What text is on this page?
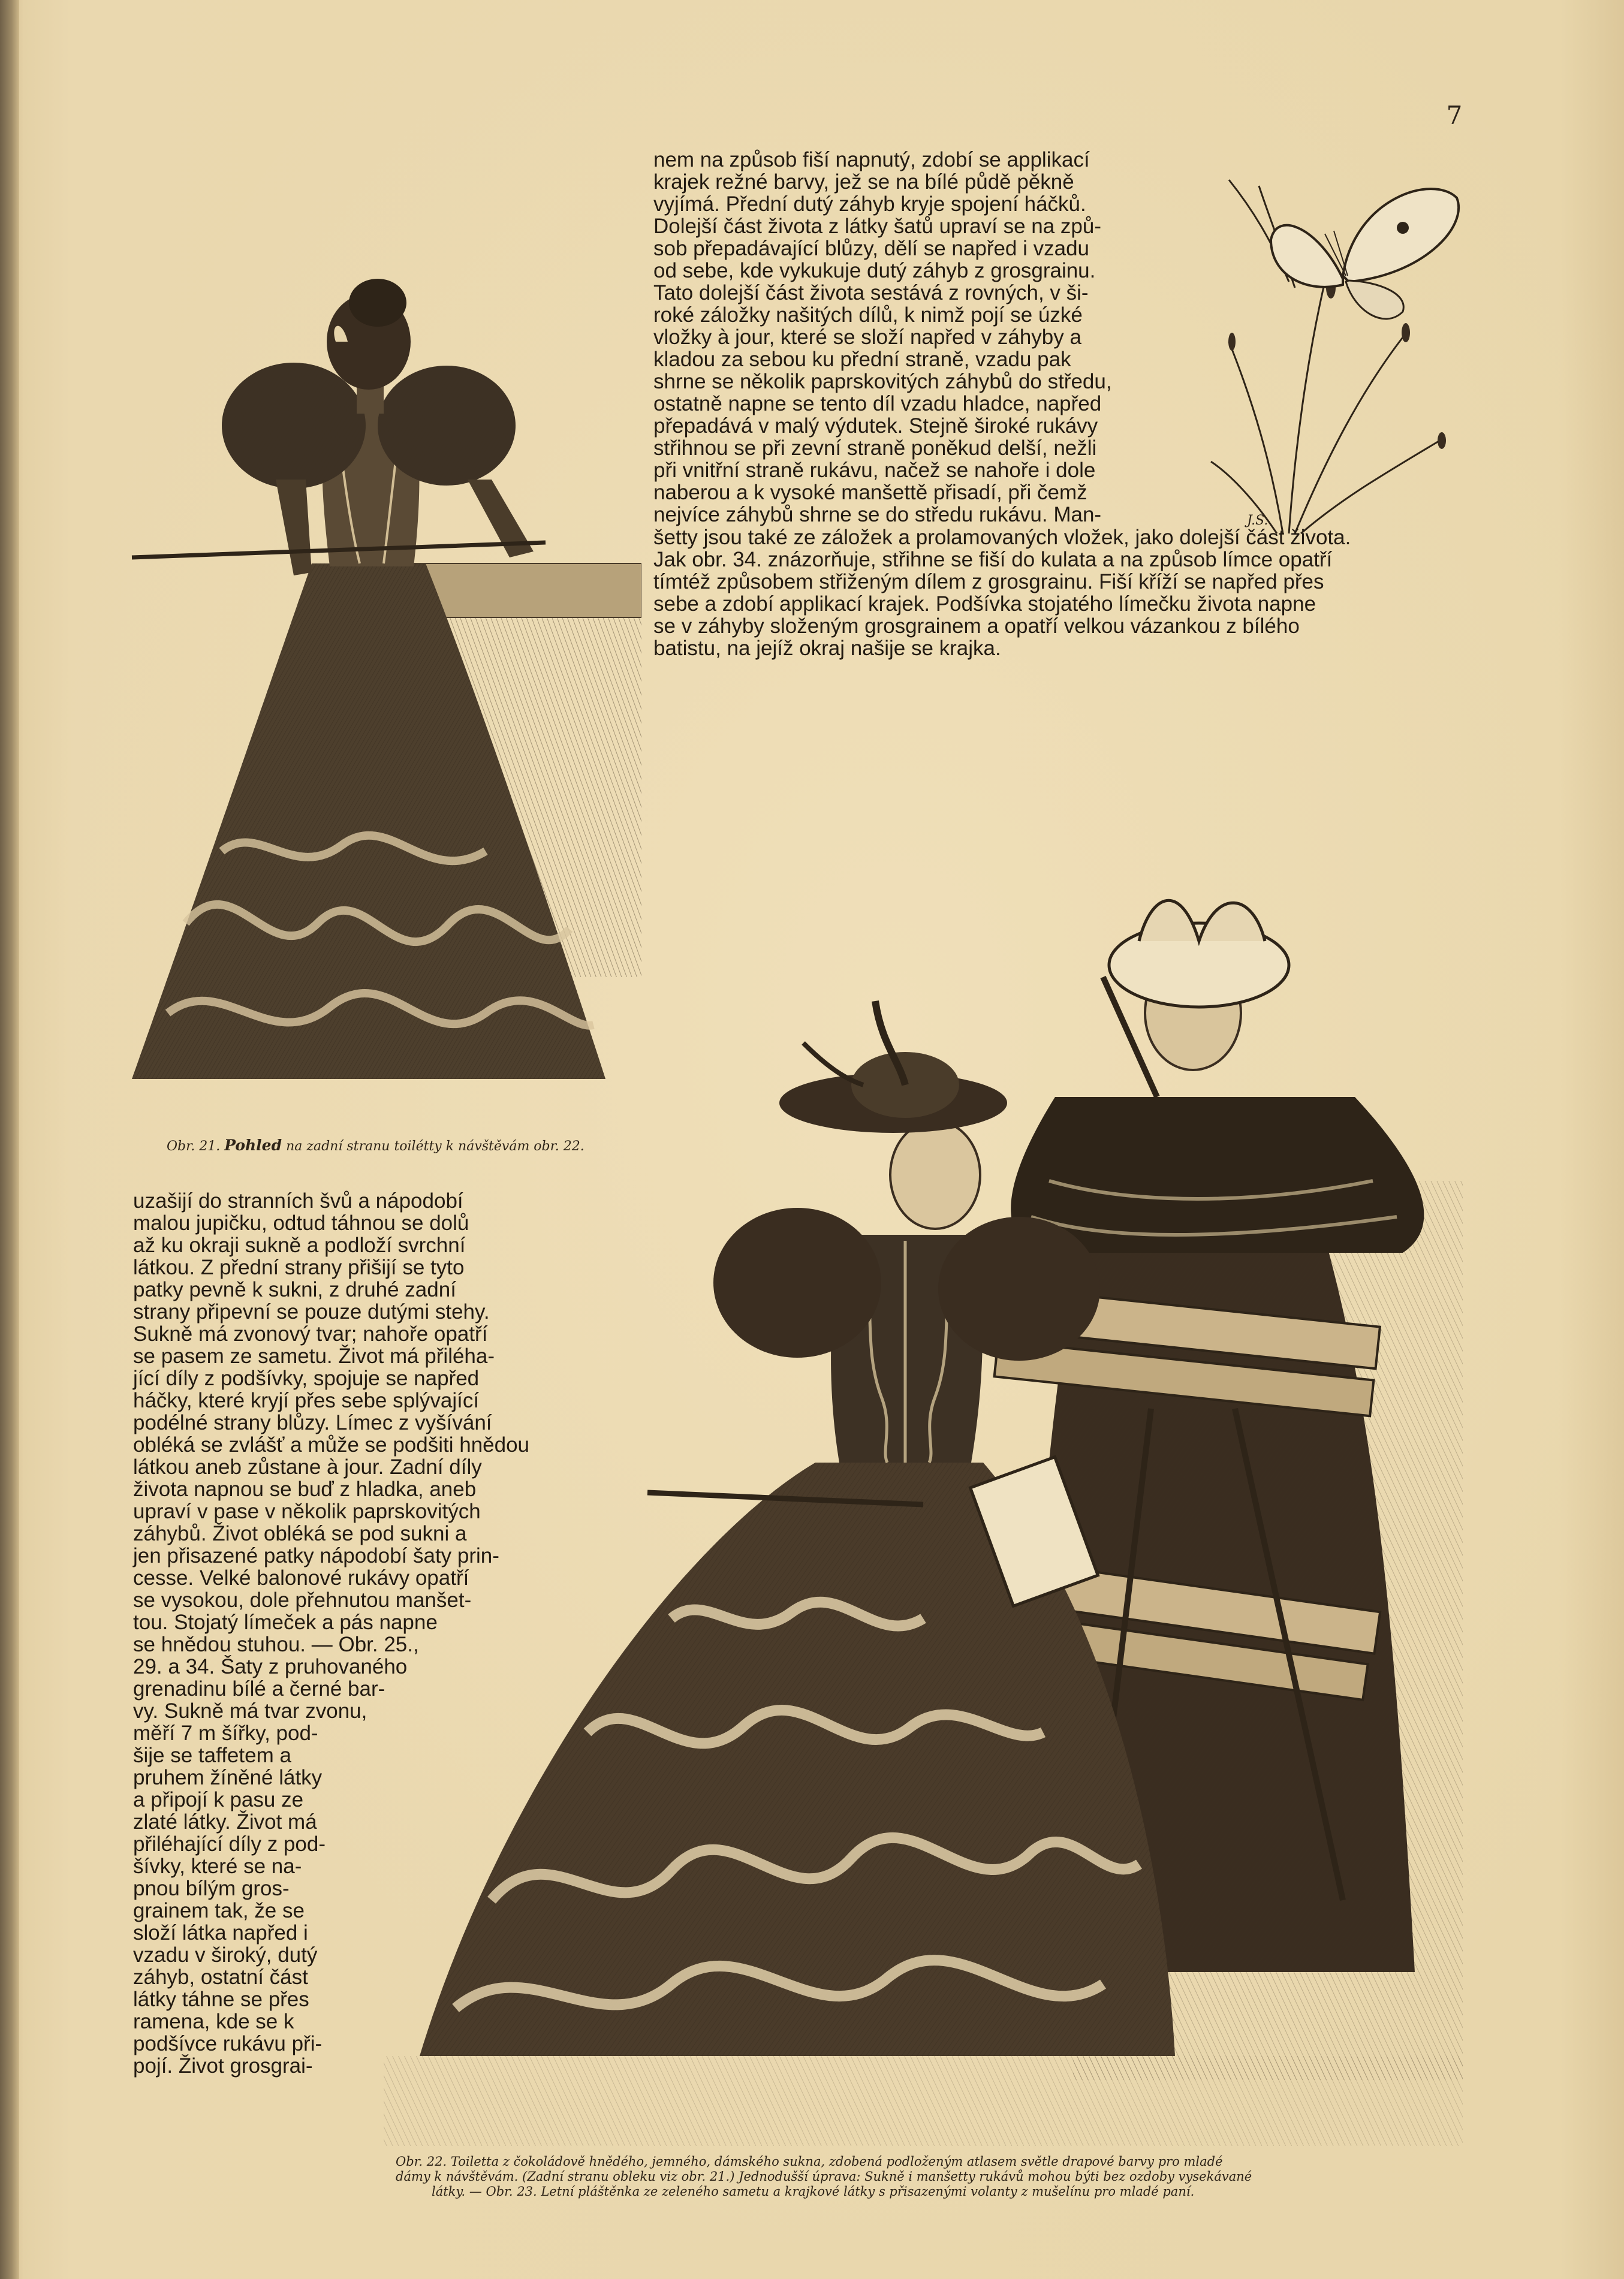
7

nem na způsob fiší napnutý, zdobí se applikací
krajek režné barvy, jež se na bílé půdě pěkně
vyjímá. Přední dutý záhyb kryje spojení háčků.
Dolejší část života z látky šatů upraví se na způ-
sob přepadávající blůzy, dělí se napřed i vzadu
od sebe, kde vykukuje dutý záhyb z grosgrainu.
Tato dolejší část života sestává z rovných, v ši-
roké záložky našitých dílů, k nimž pojí se úzké
vložky à jour, které se složí napřed v záhyby a
kladou za sebou ku přední straně, vzadu pak
shrne se několik paprskovitých záhybů do středu,
ostatně napne se tento díl vzadu hladce, napřed
přepadává v malý výdutek. Stejně široké rukávy
střihnou se při zevní straně poněkud delší, nežli
při vnitřní straně rukávu, načež se nahoře i dole
naberou a k vysoké manšettě přisadí, při čemž
nejvíce záhybů shrne se do středu rukávu. Man-	J.S.

šetty jsou také ze záložek a prolamovaných vložek, jako dolejší část života.
Jak obr. 34. znázorňuje, střihne se fiší do kulata a na způsob límce opatří
tímtéž způsobem střiženým dílem z grosgrainu. Fiší kříží se napřed přes
sebe a zdobí applikací krajek. Podšívka stojatého límečku života napne
se v záhyby složeným grosgrainem a opatří velkou vázankou z bílého
batistu, na jejíž okraj našije se krajka.

Obr. 21. Pohled na zadní stranu toilétty k návštěvám obr. 22.

uzašijí do stranních švů a nápodobí
malou jupičku, odtud táhnou se dolů
až ku okraji sukně a podloží svrchní
látkou. Z přední strany přišijí se tyto
patky pevně k sukni, z druhé zadní
strany připevní se pouze dutými stehy.
Sukně má zvonový tvar; nahoře opatří
se pasem ze sametu. Život má přiléha-
jící díly z podšívky, spojuje se napřed
háčky, které kryjí přes sebe splývající
podélné strany blůzy. Límec z vyšívání
obléká se zvlášť a může se podšiti hnědou
látkou aneb zůstane à jour. Zadní díly
života napnou se buď z hladka, aneb
upraví v pase v několik paprskovitých
záhybů. Život obléká se pod sukni a
jen přisazené patky nápodobí šaty prin-
cesse. Velké balonové rukávy opatří
se vysokou, dole přehnutou manšet-
tou. Stojatý límeček a pás napne
se hnědou stuhou. — Obr. 25.,
29. a 34. Šaty z pruhovaného
grenadinu bílé a černé bar-
vy. Sukně má tvar zvonu,
měří 7 m šířky, pod-
šije se taffetem a
pruhem žíněné látky
a připojí k pasu ze
zlaté látky. Život má
přiléhající díly z pod-
šívky, které se na-
pnou bílým gros-
grainem tak, že se
složí látka napřed i
vzadu v široký, dutý
záhyb, ostatní část
látky táhne se přes
ramena, kde se k
podšívce rukávu při-
pojí. Život grosgrai-

Obr. 22. Toiletta z čokoládově hnědého, jemného, dámského sukna, zdobená podloženým atlasem světle drapové barvy pro mladé
dámy k návštěvám. (Zadní stranu obleku viz obr. 21.) Jednodušší úprava: Sukně i manšetty rukávů mohou býti bez ozdoby vysekávané
látky. — Obr. 23. Letní pláštěnka ze zeleného sametu a krajkové látky s přisazenými volanty z mušelínu pro mladé paní.
